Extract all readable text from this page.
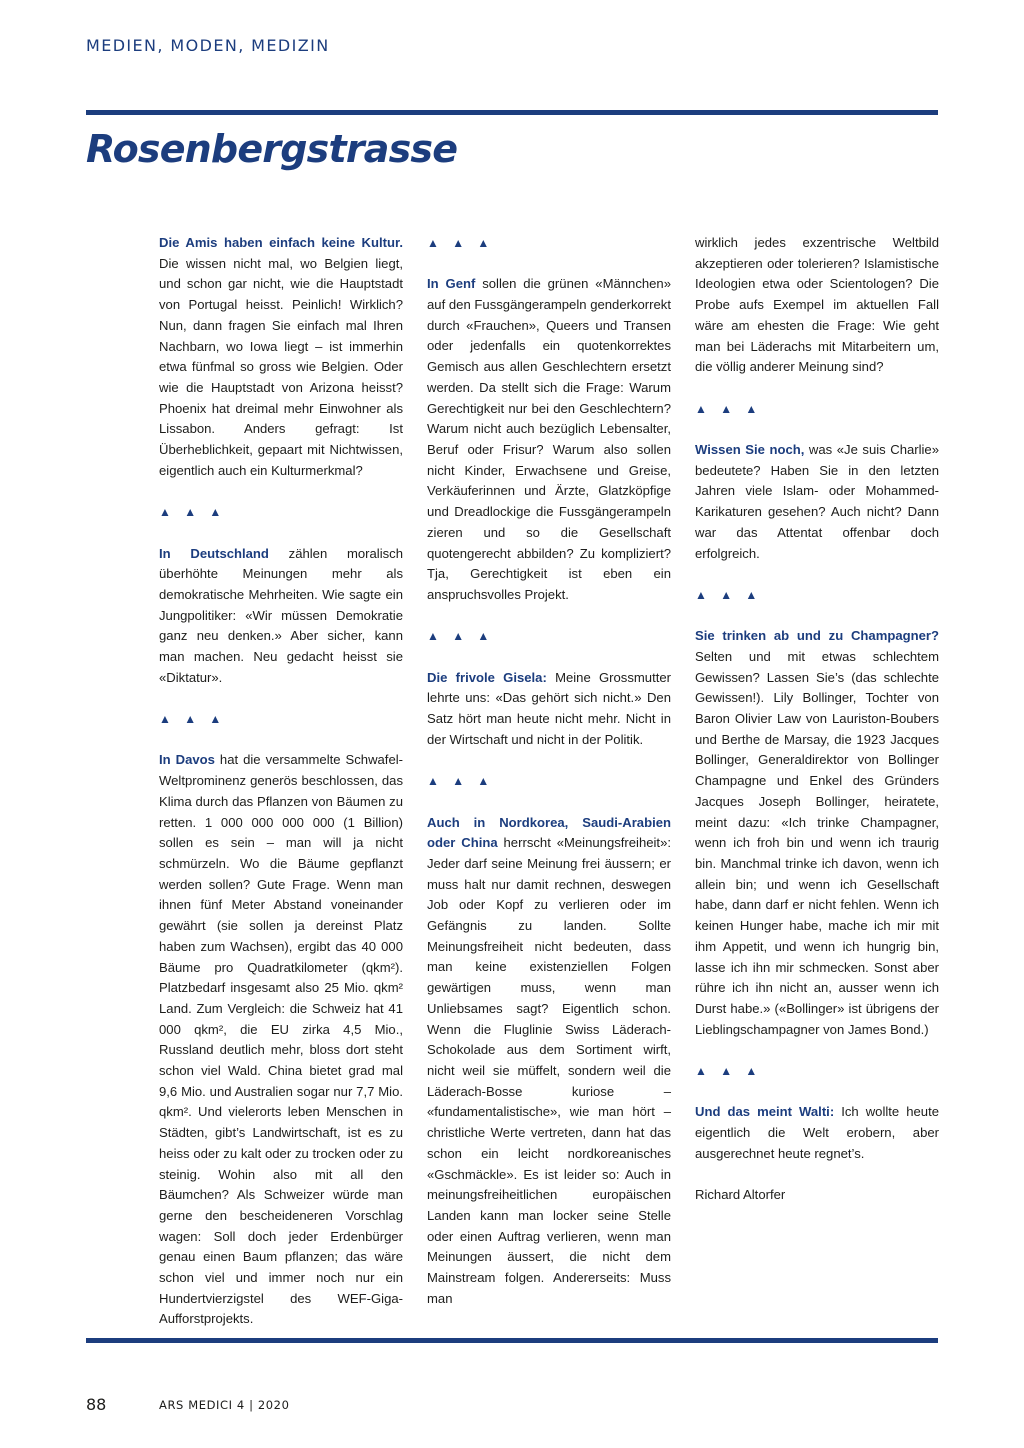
MEDIEN, MODEN, MEDIZIN
Rosenbergstrasse

Die Amis haben einfach keine Kultur. Die wissen nicht mal, wo Belgien liegt, und schon gar nicht, wie die Hauptstadt von Portugal heisst. Peinlich! Wirklich? Nun, dann fragen Sie einfach mal Ihren Nachbarn, wo Iowa liegt – ist immerhin etwa fünfmal so gross wie Belgien. Oder wie die Hauptstadt von Arizona heisst? Phoenix hat dreimal mehr Einwohner als Lissabon. Anders gefragt: Ist Überheblichkeit, gepaart mit Nichtwissen, eigentlich auch ein Kulturmerkmal?

▲ ▲ ▲

In Deutschland zählen moralisch überhöhte Meinungen mehr als demokratische Mehrheiten. Wie sagte ein Jungpolitiker: «Wir müssen Demokratie ganz neu denken.» Aber sicher, kann man machen. Neu gedacht heisst sie «Diktatur».

▲ ▲ ▲

In Davos hat die versammelte Schwafel-Weltprominenz generös beschlossen, das Klima durch das Pflanzen von Bäumen zu retten. 1 000 000 000 000 (1 Billion) sollen es sein – man will ja nicht schmürzeln. Wo die Bäume gepflanzt werden sollen? Gute Frage. Wenn man ihnen fünf Meter Abstand voneinander gewährt (sie sollen ja dereinst Platz haben zum Wachsen), ergibt das 40 000 Bäume pro Quadratkilometer (qkm²). Platzbedarf insgesamt also 25 Mio. qkm² Land. Zum Vergleich: die Schweiz hat 41 000 qkm², die EU zirka 4,5 Mio., Russland deutlich mehr, bloss dort steht schon viel Wald. China bietet grad mal 9,6 Mio. und Australien sogar nur 7,7 Mio. qkm². Und vielerorts leben Menschen in Städten, gibt’s Landwirtschaft, ist es zu heiss oder zu kalt oder zu trocken oder zu steinig. Wohin also mit all den Bäumchen? Als Schweizer würde man gerne den bescheideneren Vorschlag wagen: Soll doch jeder Erdenbürger genau einen Baum pflanzen; das wäre schon viel und immer noch nur ein Hundertvierzigstel des WEF-Giga-Aufforstprojekts.

▲ ▲ ▲

In Genf sollen die grünen «Männchen» auf den Fussgängerampeln genderkorrekt durch «Frauchen», Queers und Transen oder jedenfalls ein quotenkorrektes Gemisch aus allen Geschlechtern ersetzt werden. Da stellt sich die Frage: Warum Gerechtigkeit nur bei den Geschlechtern? Warum nicht auch bezüglich Lebensalter, Beruf oder Frisur? Warum also sollen nicht Kinder, Erwachsene und Greise, Verkäuferinnen und Ärzte, Glatzköpfige und Dreadlockige die Fussgängerampeln zieren und so die Gesellschaft quotengerecht abbilden? Zu kompliziert? Tja, Gerechtigkeit ist eben ein anspruchsvolles Projekt.

▲ ▲ ▲

Die frivole Gisela: Meine Grossmutter lehrte uns: «Das gehört sich nicht.» Den Satz hört man heute nicht mehr. Nicht in der Wirtschaft und nicht in der Politik.

▲ ▲ ▲

Auch in Nordkorea, Saudi-Arabien oder China herrscht «Meinungsfreiheit»: Jeder darf seine Meinung frei äussern; er muss halt nur damit rechnen, deswegen Job oder Kopf zu verlieren oder im Gefängnis zu landen. Sollte Meinungsfreiheit nicht bedeuten, dass man keine existenziellen Folgen gewärtigen muss, wenn man Unliebsames sagt? Eigentlich schon. Wenn die Fluglinie Swiss Läderach-Schokolade aus dem Sortiment wirft, nicht weil sie müffelt, sondern weil die Läderach-Bosse kuriose – «fundamentalistische», wie man hört – christliche Werte vertreten, dann hat das schon ein leicht nordkoreanisches «Gschmäckle». Es ist leider so: Auch in meinungsfreiheitlichen europäischen Landen kann man locker seine Stelle oder einen Auftrag verlieren, wenn man Meinungen äussert, die nicht dem Mainstream folgen. Andererseits: Muss man

wirklich jedes exzentrische Weltbild akzeptieren oder tolerieren? Islamistische Ideologien etwa oder Scientologen? Die Probe aufs Exempel im aktuellen Fall wäre am ehesten die Frage: Wie geht man bei Läderachs mit Mitarbeitern um, die völlig anderer Meinung sind?

▲ ▲ ▲

Wissen Sie noch, was «Je suis Charlie» bedeutete? Haben Sie in den letzten Jahren viele Islam- oder Mohammed-Karikaturen gesehen? Auch nicht? Dann war das Attentat offenbar doch erfolgreich.

▲ ▲ ▲

Sie trinken ab und zu Champagner? Selten und mit etwas schlechtem Gewissen? Lassen Sie’s (das schlechte Gewissen!). Lily Bollinger, Tochter von Baron Olivier Law von Lauriston-Boubers und Berthe de Marsay, die 1923 Jacques Bollinger, Generaldirektor von Bollinger Champagne und Enkel des Gründers Jacques Joseph Bollinger, heiratete, meint dazu: «Ich trinke Champagner, wenn ich froh bin und wenn ich traurig bin. Manchmal trinke ich davon, wenn ich allein bin; und wenn ich Gesellschaft habe, dann darf er nicht fehlen. Wenn ich keinen Hunger habe, mache ich mir mit ihm Appetit, und wenn ich hungrig bin, lasse ich ihn mir schmecken. Sonst aber rühre ich ihn nicht an, ausser wenn ich Durst habe.» («Bollinger» ist übrigens der Lieblingschampagner von James Bond.)

▲ ▲ ▲

Und das meint Walti: Ich wollte heute eigentlich die Welt erobern, aber ausgerechnet heute regnet’s.

Richard Altorfer

88	ARS MEDICI 4 | 2020
